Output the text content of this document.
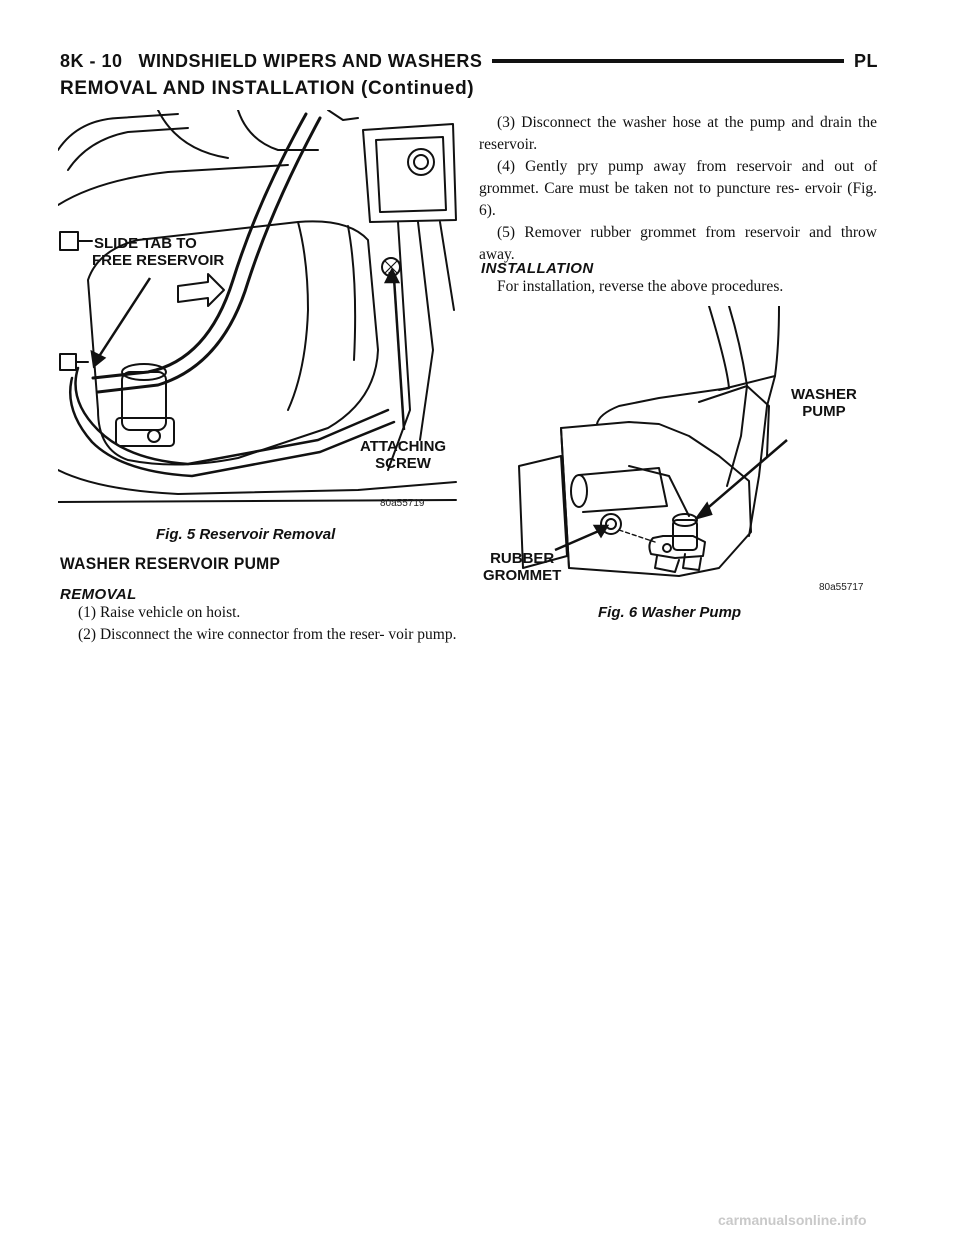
8K - 10 WINDSHIELD WIPERS AND WASHERS	PL
REMOVAL AND INSTALLATION (Continued)
SLIDE TAB TO
FREE RESERVOIR
ATTACHING
SCREW
80a55719
Fig. 5 Reservoir Removal
WASHER RESERVOIR PUMP
REMOVAL

(1) Raise vehicle on hoist.

(2) Disconnect the wire connector from the reser- voir pump.

(3) Disconnect the washer hose at the pump and drain the reservoir.

(4) Gently pry pump away from reservoir and out of grommet. Care must be taken not to puncture res- ervoir (Fig. 6).

(5) Remover rubber grommet from reservoir and throw away.

INSTALLATION

For installation, reverse the above procedures.

WASHER
PUMP
RUBBER
GROMMET
80a55717
Fig. 6 Washer Pump
carmanualsonline.info
